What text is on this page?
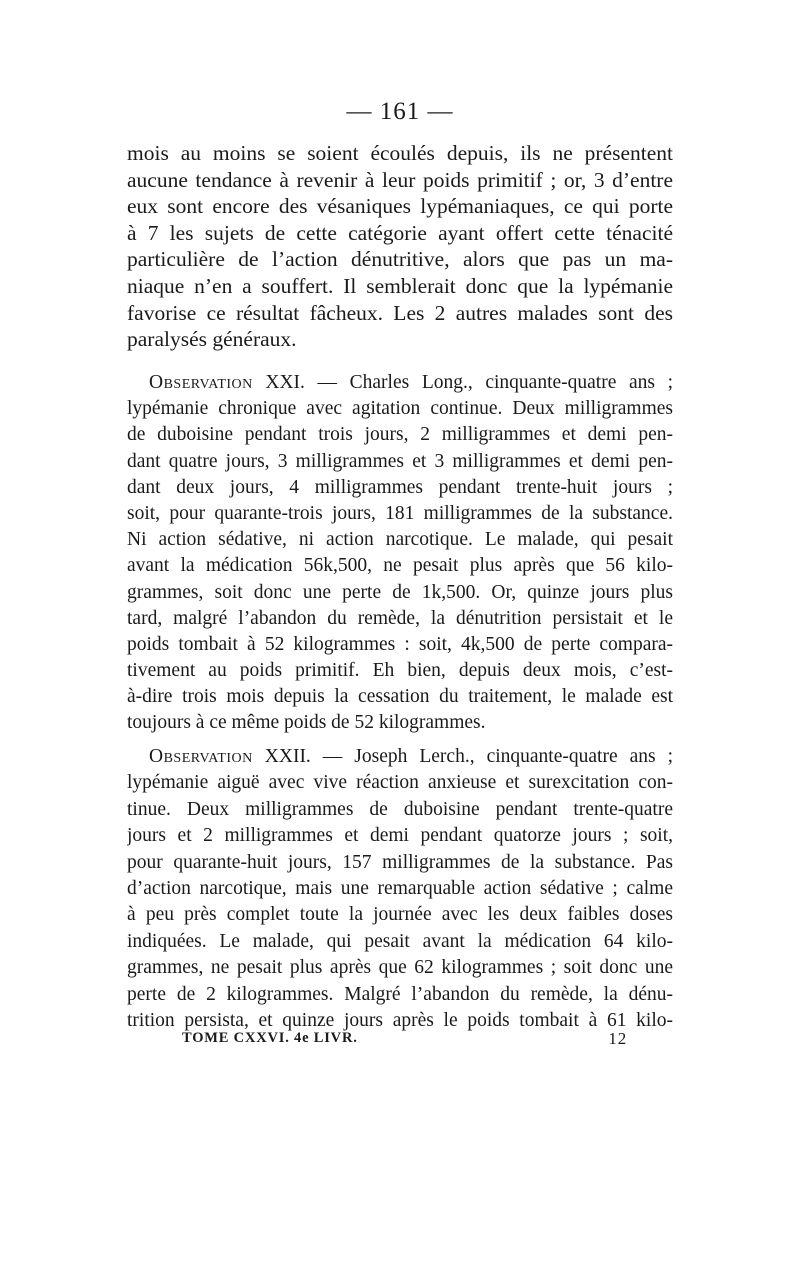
— 161 —
mois au moins se soient écoulés depuis, ils ne présentent
aucune tendance à revenir à leur poids primitif ; or, 3 d’entre
eux sont encore des vésaniques lypémaniaques, ce qui porte
à 7 les sujets de cette catégorie ayant offert cette ténacité
particulière de l’action dénutritive, alors que pas un ma-
niaque n’en a souffert. Il semblerait donc que la lypémanie
favorise ce résultat fâcheux. Les 2 autres malades sont des
paralysés généraux.
Observation XXI. — Charles Long., cinquante-quatre ans ;
lypémanie chronique avec agitation continue. Deux milligrammes
de duboisine pendant trois jours, 2 milligrammes et demi pen-
dant quatre jours, 3 milligrammes et 3 milligrammes et demi pen-
dant deux jours, 4 milligrammes pendant trente-huit jours ;
soit, pour quarante-trois jours, 181 milligrammes de la substance.
Ni action sédative, ni action narcotique. Le malade, qui pesait
avant la médication 56k,500, ne pesait plus après que 56 kilo-
grammes, soit donc une perte de 1k,500. Or, quinze jours plus
tard, malgré l’abandon du remède, la dénutrition persistait et le
poids tombait à 52 kilogrammes : soit, 4k,500 de perte compara-
tivement au poids primitif. Eh bien, depuis deux mois, c’est-
à-dire trois mois depuis la cessation du traitement, le malade est
toujours à ce même poids de 52 kilogrammes.
Observation XXII. — Joseph Lerch., cinquante-quatre ans ;
lypémanie aiguë avec vive réaction anxieuse et surexcitation con-
tinue. Deux milligrammes de duboisine pendant trente-quatre
jours et 2 milligrammes et demi pendant quatorze jours ; soit,
pour quarante-huit jours, 157 milligrammes de la substance. Pas
d’action narcotique, mais une remarquable action sédative ; calme
à peu près complet toute la journée avec les deux faibles doses
indiquées. Le malade, qui pesait avant la médication 64 kilo-
grammes, ne pesait plus après que 62 kilogrammes ; soit donc une
perte de 2 kilogrammes. Malgré l’abandon du remède, la dénu-
trition persista, et quinze jours après le poids tombait à 61 kilo-
TOME CXXVI. 4e LIVR.	12
